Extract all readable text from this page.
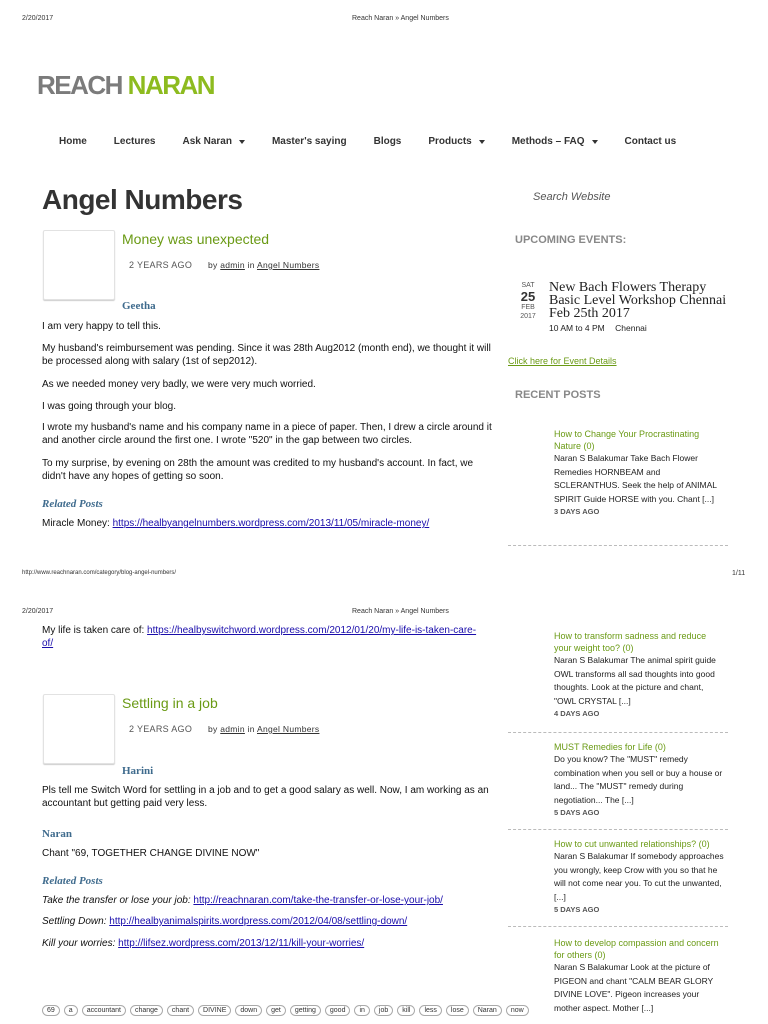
2/20/2017	Reach Naran » Angel Numbers
REACH NARAN
Home	Lectures	Ask Naran	Master's saying	Blogs	Products	Methods – FAQ	Contact us
Angel Numbers	Search Website
Money was unexpected
2 YEARS AGO by admin in Angel Numbers
Geetha
I am very happy to tell this.
My husband's reimbursement was pending. Since it was 28th Aug2012 (month end), we thought it will be processed along with salary (1st of sep2012).
As we needed money very badly, we were very much worried.
I was going through your blog.
I wrote my husband's name and his company name in a piece of paper. Then, I drew a circle around it and another circle around the first one. I wrote "520" in the gap between two circles.
To my surprise, by evening on 28th the amount was credited to my husband's account. In fact, we didn't have any hopes of getting so soon.
Related Posts
Miracle Money: https://healbyangelnumbers.wordpress.com/2013/11/05/miracle-money/
http://www.reachnaran.com/category/blog-angel-numbers/	1/11
2/20/2017	Reach Naran » Angel Numbers
My life is taken care of: https://healbyswitchword.wordpress.com/2012/01/20/my-life-is-taken-care-of/
Settling in a job
2 YEARS AGO by admin in Angel Numbers
Harini
Pls tell me Switch Word for settling in a job and to get a good salary as well. Now, I am working as an accountant but getting paid very less.
Naran
Chant "69, TOGETHER CHANGE DIVINE NOW"
Related Posts
Take the transfer or lose your job: http://reachnaran.com/take-the-transfer-or-lose-your-job/
Settling Down: http://healbyanimalspirits.wordpress.com/2012/04/08/settling-down/
Kill your worries: http://lifsez.wordpress.com/2013/12/11/kill-your-worries/
69	a	accountant	change	chant	DIVINE	down	get	getting	good	in	job	kill	less	lose	Naran	now
UPCOMING EVENTS:
SAT
25
FEB
2017
New Bach Flowers Therapy Basic Level Workshop Chennai Feb 25th 2017
10 AM to 4 PM Chennai
Click here for Event Details
RECENT POSTS
How to Change Your Procrastinating Nature (0)
Naran S Balakumar Take Bach Flower Remedies HORNBEAM and SCLERANTHUS. Seek the help of ANIMAL SPIRIT Guide HORSE with you. Chant [...]
3 DAYS AGO
How to transform sadness and reduce your weight too? (0)
Naran S Balakumar The animal spirit guide OWL transforms all sad thoughts into good thoughts. Look at the picture and chant, "OWL CRYSTAL [...]
4 DAYS AGO
MUST Remedies for Life (0)
Do you know? The "MUST" remedy combination when you sell or buy a house or land... The "MUST" remedy during negotiation... The [...]
5 DAYS AGO
How to cut unwanted relationships? (0)
Naran S Balakumar If somebody approaches you wrongly, keep Crow with you so that he will not come near you. To cut the unwanted, [...]
5 DAYS AGO
How to develop compassion and concern for others (0)
Naran S Balakumar Look at the picture of PIGEON and chant "CALM BEAR GLORY DIVINE LOVE". Pigeon increases your mother aspect. Mother [...]
